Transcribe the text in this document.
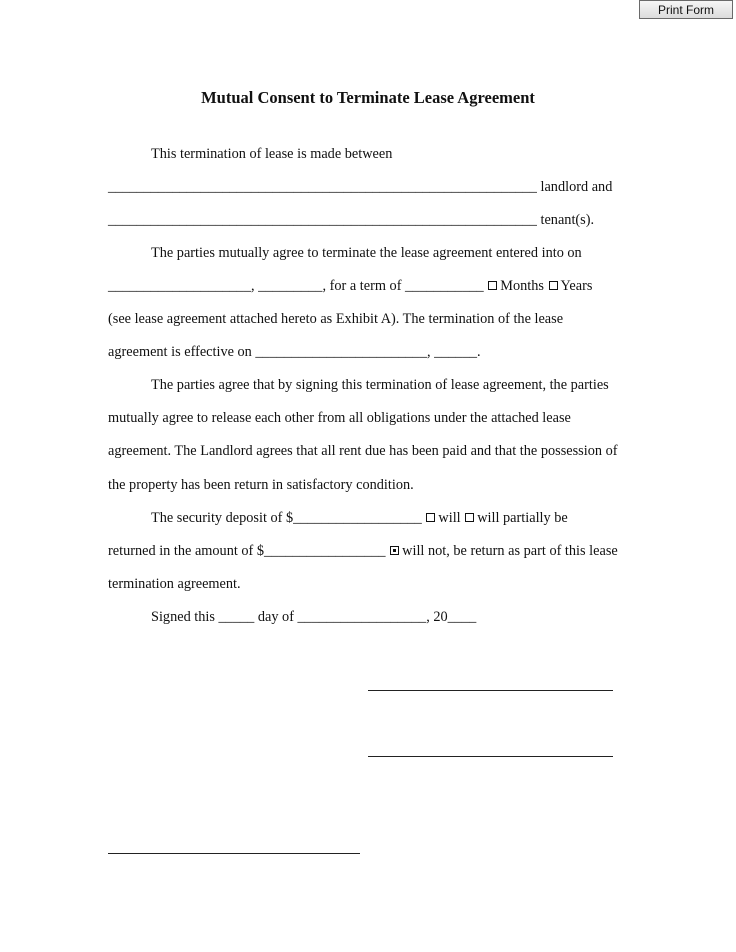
Print Form
Mutual Consent to Terminate Lease Agreement
This termination of lease is made between
____________________________________________________________ landlord and
____________________________________________________________ tenant(s).
The parties mutually agree to terminate the lease agreement entered into on
____________________, _________, for a term of ___________ Months Years
(see lease agreement attached hereto as Exhibit A). The termination of the lease
agreement is effective on ________________________, ______.
The parties agree that by signing this termination of lease agreement, the parties
mutually agree to release each other from all obligations under the attached lease
agreement. The Landlord agrees that all rent due has been paid and that the possession of
the property has been return in satisfactory condition.
The security deposit of $__________________ will will partially be
returned in the amount of $_________________ will not, be return as part of this lease
termination agreement.
Signed this _____ day of __________________, 20____
